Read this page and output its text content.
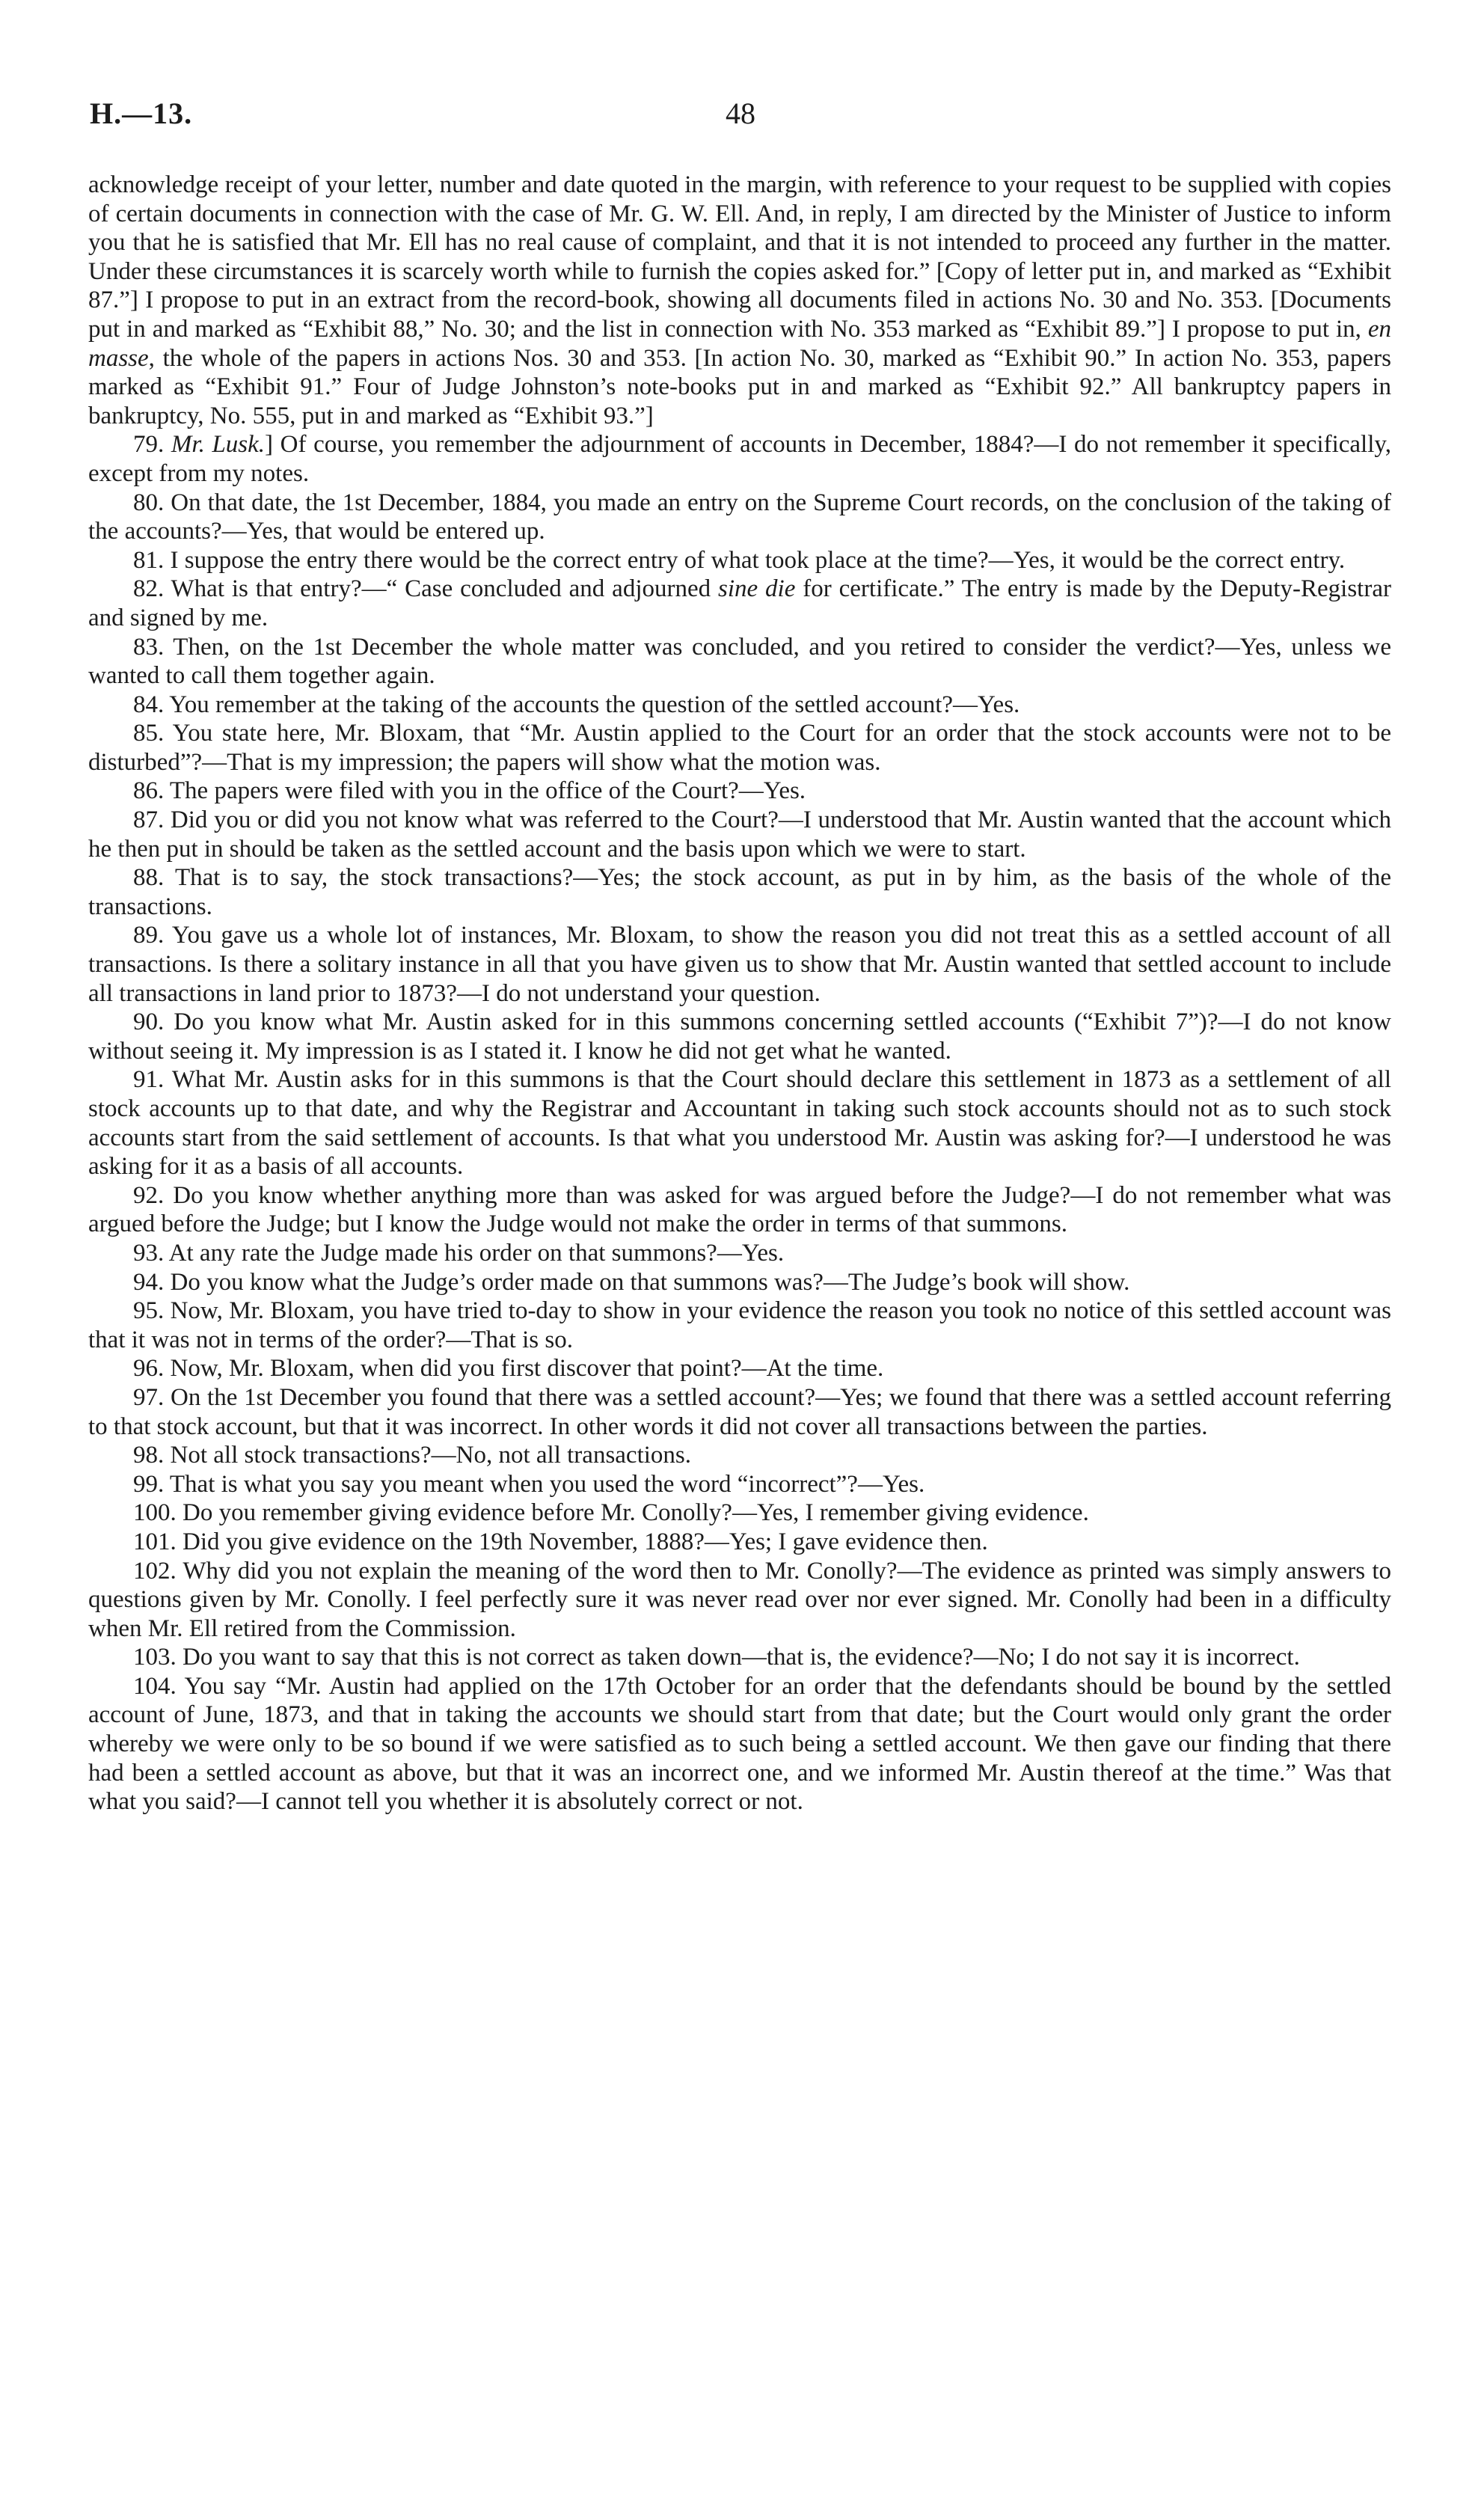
H.—13.	48

acknowledge receipt of your letter, number and date quoted in the margin, with reference to your request to be supplied with copies of certain documents in connection with the case of Mr. G. W. Ell. And, in reply, I am directed by the Minister of Justice to inform you that he is satisfied that Mr. Ell has no real cause of complaint, and that it is not intended to proceed any further in the matter. Under these circumstances it is scarcely worth while to furnish the copies asked for.” [Copy of letter put in, and marked as “Exhibit 87.”] I propose to put in an extract from the record-book, showing all documents filed in actions No. 30 and No. 353. [Documents put in and marked as “Exhibit 88,” No. 30; and the list in connection with No. 353 marked as “Exhibit 89.”] I propose to put in, en masse, the whole of the papers in actions Nos. 30 and 353. [In action No. 30, marked as “Exhibit 90.” In action No. 353, papers marked as “Exhibit 91.” Four of Judge Johnston’s note-books put in and marked as “Exhibit 92.” All bankruptcy papers in bankruptcy, No. 555, put in and marked as “Exhibit 93.”]

79. Mr. Lusk.] Of course, you remember the adjournment of accounts in December, 1884?—I do not remember it specifically, except from my notes.

80. On that date, the 1st December, 1884, you made an entry on the Supreme Court records, on the conclusion of the taking of the accounts?—Yes, that would be entered up.

81. I suppose the entry there would be the correct entry of what took place at the time?—Yes, it would be the correct entry.

82. What is that entry?—“ Case concluded and adjourned sine die for certificate.” The entry is made by the Deputy-Registrar and signed by me.

83. Then, on the 1st December the whole matter was concluded, and you retired to consider the verdict?—Yes, unless we wanted to call them together again.

84. You remember at the taking of the accounts the question of the settled account?—Yes.

85. You state here, Mr. Bloxam, that “Mr. Austin applied to the Court for an order that the stock accounts were not to be disturbed”?—That is my impression; the papers will show what the motion was.

86. The papers were filed with you in the office of the Court?—Yes.

87. Did you or did you not know what was referred to the Court?—I understood that Mr. Austin wanted that the account which he then put in should be taken as the settled account and the basis upon which we were to start.

88. That is to say, the stock transactions?—Yes; the stock account, as put in by him, as the basis of the whole of the transactions.

89. You gave us a whole lot of instances, Mr. Bloxam, to show the reason you did not treat this as a settled account of all transactions. Is there a solitary instance in all that you have given us to show that Mr. Austin wanted that settled account to include all transactions in land prior to 1873?—I do not understand your question.

90. Do you know what Mr. Austin asked for in this summons concerning settled accounts (“Exhibit 7”)?—I do not know without seeing it. My impression is as I stated it. I know he did not get what he wanted.

91. What Mr. Austin asks for in this summons is that the Court should declare this settlement in 1873 as a settlement of all stock accounts up to that date, and why the Registrar and Accountant in taking such stock accounts should not as to such stock accounts start from the said settlement of accounts. Is that what you understood Mr. Austin was asking for?—I understood he was asking for it as a basis of all accounts.

92. Do you know whether anything more than was asked for was argued before the Judge?—I do not remember what was argued before the Judge; but I know the Judge would not make the order in terms of that summons.

93. At any rate the Judge made his order on that summons?—Yes.

94. Do you know what the Judge’s order made on that summons was?—The Judge’s book will show.

95. Now, Mr. Bloxam, you have tried to-day to show in your evidence the reason you took no notice of this settled account was that it was not in terms of the order?—That is so.

96. Now, Mr. Bloxam, when did you first discover that point?—At the time.

97. On the 1st December you found that there was a settled account?—Yes; we found that there was a settled account referring to that stock account, but that it was incorrect. In other words it did not cover all transactions between the parties.

98. Not all stock transactions?—No, not all transactions.

99. That is what you say you meant when you used the word “incorrect”?—Yes.

100. Do you remember giving evidence before Mr. Conolly?—Yes, I remember giving evidence.

101. Did you give evidence on the 19th November, 1888?—Yes; I gave evidence then.

102. Why did you not explain the meaning of the word then to Mr. Conolly?—The evidence as printed was simply answers to questions given by Mr. Conolly. I feel perfectly sure it was never read over nor ever signed. Mr. Conolly had been in a difficulty when Mr. Ell retired from the Commission.

103. Do you want to say that this is not correct as taken down—that is, the evidence?—No; I do not say it is incorrect.

104. You say “Mr. Austin had applied on the 17th October for an order that the defendants should be bound by the settled account of June, 1873, and that in taking the accounts we should start from that date; but the Court would only grant the order whereby we were only to be so bound if we were satisfied as to such being a settled account. We then gave our finding that there had been a settled account as above, but that it was an incorrect one, and we informed Mr. Austin thereof at the time.” Was that what you said?—I cannot tell you whether it is absolutely correct or not.
